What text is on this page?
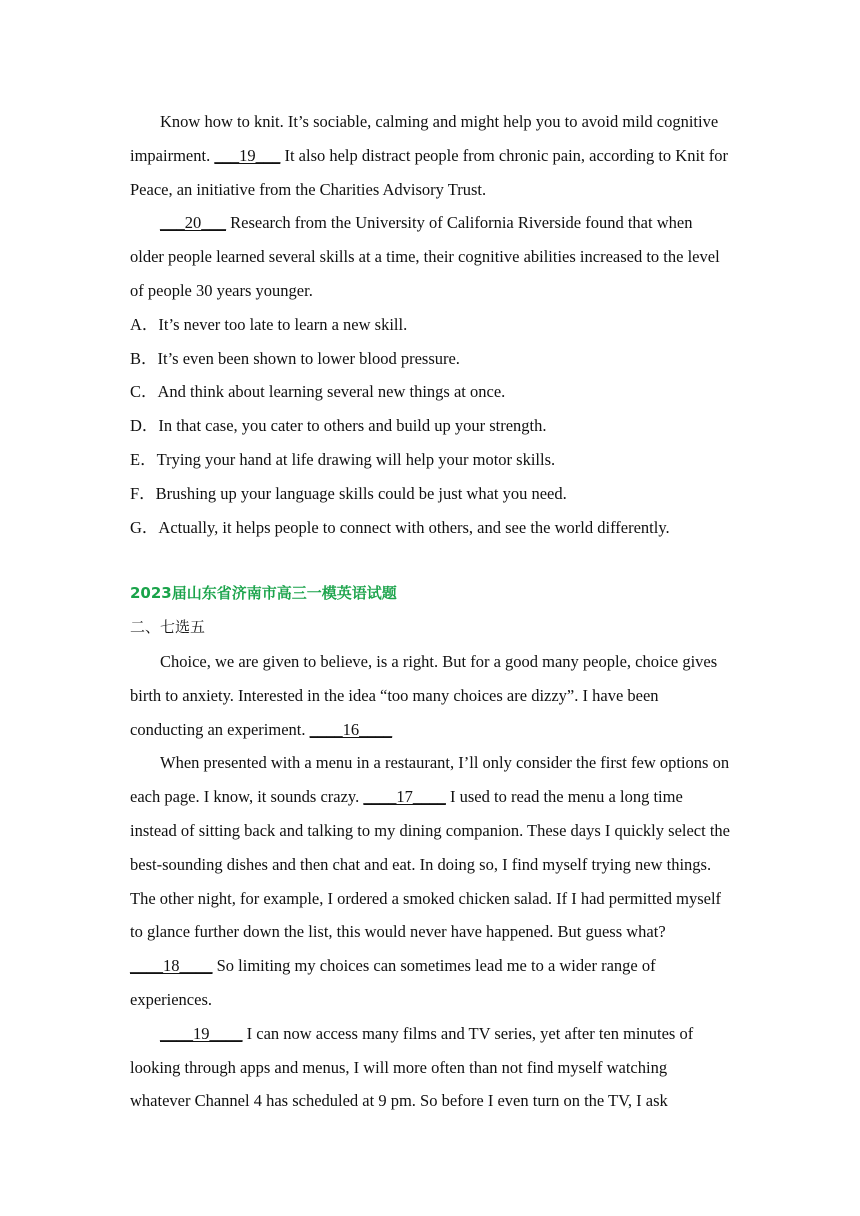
Know how to knit. It’s sociable, calming and might help you to avoid mild cognitive impairment. ___19___ It also help distract people from chronic pain, according to Knit for Peace, an initiative from the Charities Advisory Trust.

___20___ Research from the University of California Riverside found that when older people learned several skills at a time, their cognitive abilities increased to the level of people 30 years younger.

A．It’s never too late to learn a new skill.

B．It’s even been shown to lower blood pressure.

C．And think about learning several new things at once.

D．In that case, you cater to others and build up your strength.

E．Trying your hand at life drawing will help your motor skills.

F．Brushing up your language skills could be just what you need.

G．Actually, it helps people to connect with others, and see the world differently.

2023届山东省济南市高三一模英语试题
二、七选五

Choice, we are given to believe, is a right. But for a good many people, choice gives birth to anxiety. Interested in the idea “too many choices are dizzy”. I have been conducting an experiment. ____16____

When presented with a menu in a restaurant, I’ll only consider the first few options on each page. I know, it sounds crazy. ____17____ I used to read the menu a long time instead of sitting back and talking to my dining companion. These days I quickly select the best-sounding dishes and then chat and eat. In doing so, I find myself trying new things. The other night, for example, I ordered a smoked chicken salad. If I had permitted myself to glance further down the list, this would never have happened. But guess what? ____18____ So limiting my choices can sometimes lead me to a wider range of experiences.

____19____ I can now access many films and TV series, yet after ten minutes of looking through apps and menus, I will more often than not find myself watching whatever Channel 4 has scheduled at 9 pm. So before I even turn on the TV, I ask
